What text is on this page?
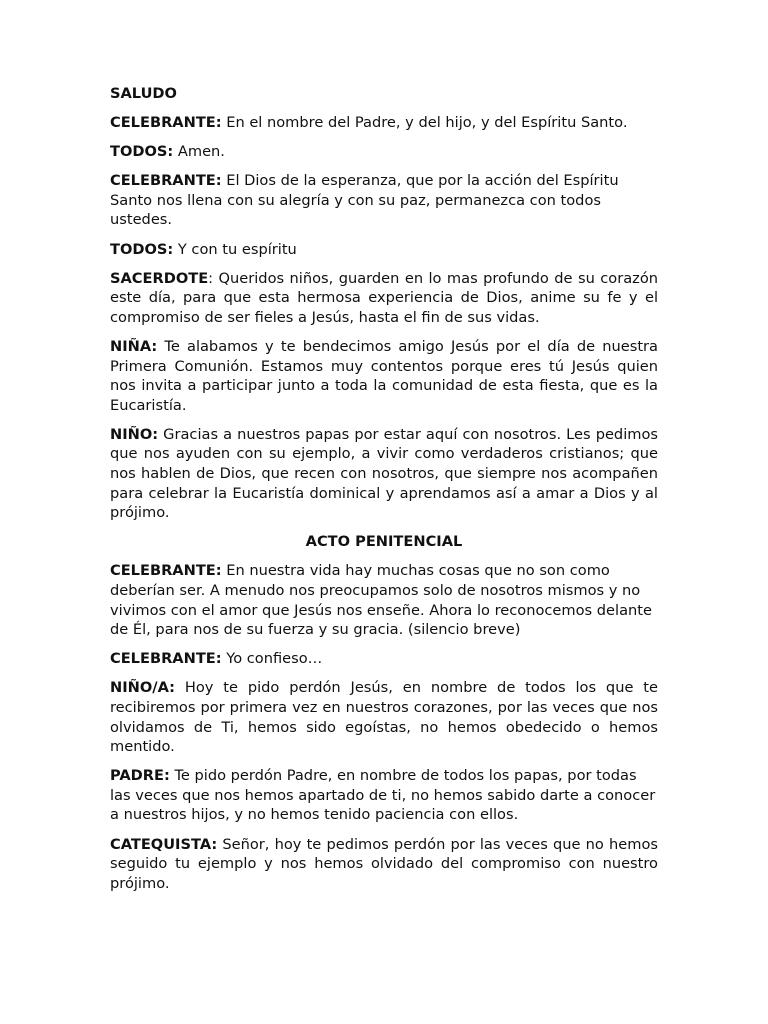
SALUDO

CELEBRANTE: En el nombre del Padre, y del hijo, y del Espíritu Santo.

TODOS: Amen.

CELEBRANTE: El Dios de la esperanza, que por la acción del Espíritu Santo nos llena con su alegría y con su paz, permanezca con todos ustedes.

TODOS: Y con tu espíritu

SACERDOTE: Queridos niños, guarden en lo mas profundo de su corazón este día, para que esta hermosa experiencia de Dios, anime su fe y el compromiso de ser fieles a Jesús, hasta el fin de sus vidas.

NIÑA: Te alabamos y te bendecimos amigo Jesús por el día de nuestra Primera Comunión. Estamos muy contentos porque eres tú Jesús quien nos invita a participar junto a toda la comunidad de esta fiesta, que es la Eucaristía.

NIÑO: Gracias a nuestros papas por estar aquí con nosotros. Les pedimos que nos ayuden con su ejemplo, a vivir como verdaderos cristianos; que nos hablen de Dios, que recen con nosotros, que siempre nos acompañen para celebrar la Eucaristía dominical y aprendamos así a amar a Dios y al prójimo.

ACTO PENITENCIAL

CELEBRANTE: En nuestra vida hay muchas cosas que no son como deberían ser. A menudo nos preocupamos solo de nosotros mismos y no vivimos con el amor que Jesús nos enseñe. Ahora lo reconocemos delante de Él, para nos de su fuerza y su gracia. (silencio breve)

CELEBRANTE: Yo confieso…

NIÑO/A: Hoy te pido perdón Jesús, en nombre de todos los que te recibiremos por primera vez en nuestros corazones, por las veces que nos olvidamos de Ti, hemos sido egoístas, no hemos obedecido o hemos mentido.

PADRE: Te pido perdón Padre, en nombre de todos los papas, por todas las veces que nos hemos apartado de ti, no hemos sabido darte a conocer a nuestros hijos, y no hemos tenido paciencia con ellos.

CATEQUISTA: Señor, hoy te pedimos perdón por las veces que no hemos seguido tu ejemplo y nos hemos olvidado del compromiso con nuestro prójimo.
